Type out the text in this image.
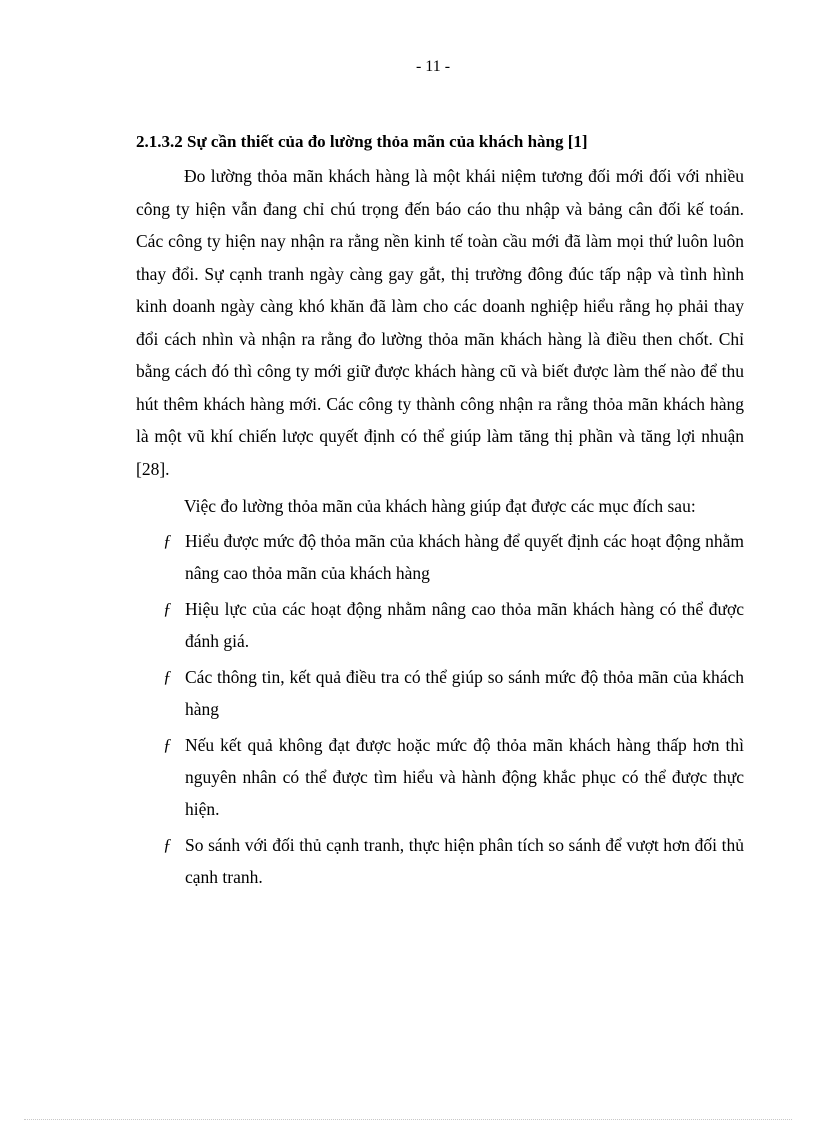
- 11 -
2.1.3.2 Sự cần thiết của đo lường thỏa mãn của khách hàng [1]

Đo lường thỏa mãn khách hàng là một khái niệm tương đối mới đối với nhiều công ty hiện vẫn đang chỉ chú trọng đến báo cáo thu nhập và bảng cân đối kế toán. Các công ty hiện nay nhận ra rằng nền kinh tế toàn cầu mới đã làm mọi thứ luôn luôn thay đổi. Sự cạnh tranh ngày càng gay gắt, thị trường đông đúc tấp nập và tình hình kinh doanh ngày càng khó khăn đã làm cho các doanh nghiệp hiểu rằng họ phải thay đổi cách nhìn và nhận ra rằng đo lường thỏa mãn khách hàng là điều then chốt. Chỉ bằng cách đó thì công ty mới giữ được khách hàng cũ và biết được làm thế nào để thu hút thêm khách hàng mới. Các công ty thành công nhận ra rằng thỏa mãn khách hàng là một vũ khí chiến lược quyết định có thể giúp làm tăng thị phần và tăng lợi nhuận [28].

Việc đo lường thỏa mãn của khách hàng giúp đạt được các mục đích sau:

ƒ Hiểu được mức độ thỏa mãn của khách hàng để quyết định các hoạt động nhằm nâng cao thỏa mãn của khách hàng
ƒ Hiệu lực của các hoạt động nhằm nâng cao thỏa mãn khách hàng có thể được đánh giá.
ƒ Các thông tin, kết quả điều tra có thể giúp so sánh mức độ thỏa mãn của khách hàng
ƒ Nếu kết quả không đạt được hoặc mức độ thỏa mãn khách hàng thấp hơn thì nguyên nhân có thể được tìm hiểu và hành động khắc phục có thể được thực hiện.
ƒ So sánh với đối thủ cạnh tranh, thực hiện phân tích so sánh để vượt hơn đối thủ cạnh tranh.
